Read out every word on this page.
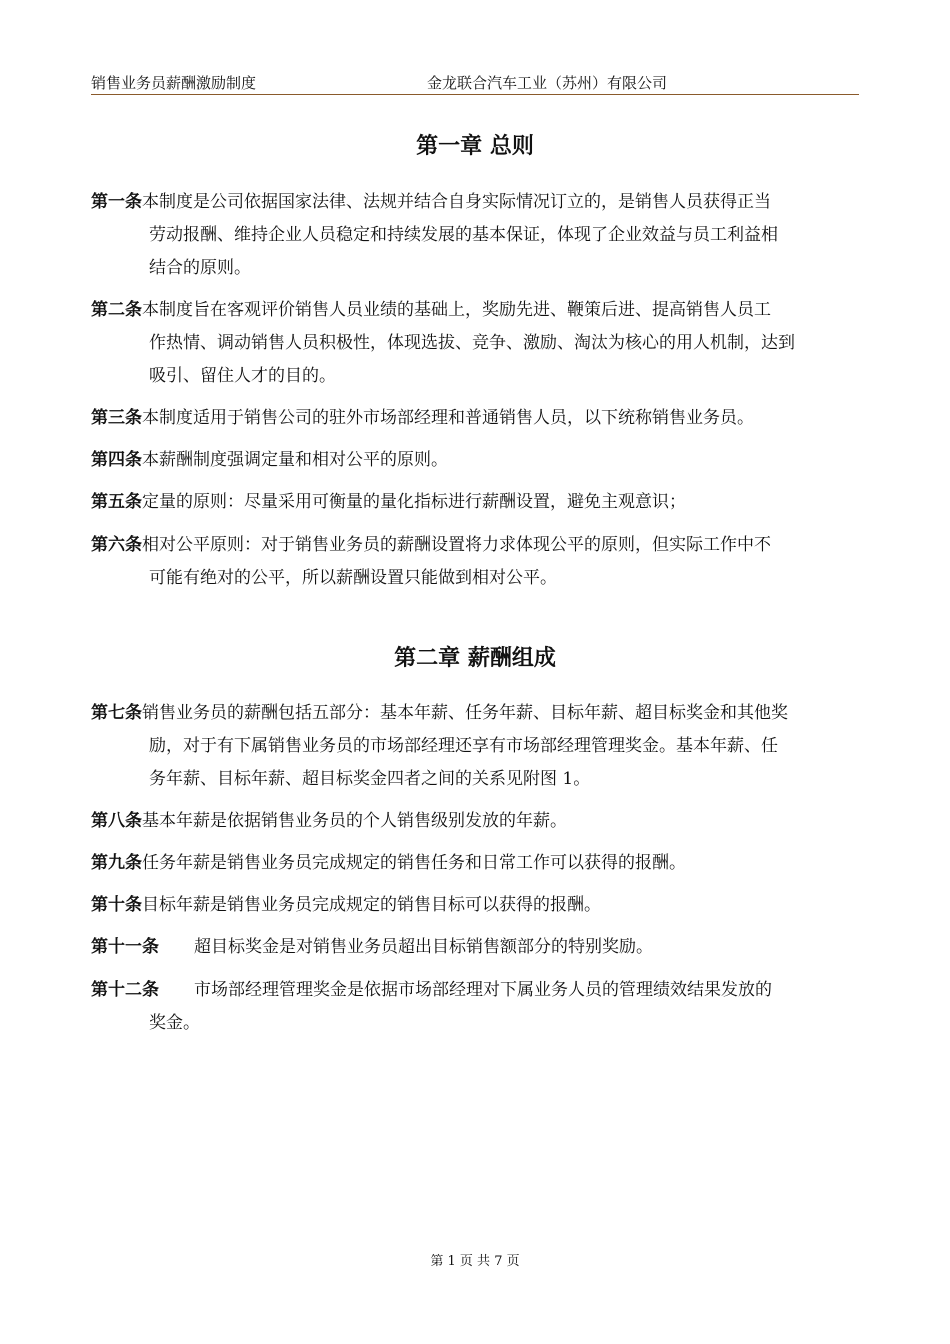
销售业务员薪酬激励制度	金龙联合汽车工业（苏州）有限公司
第一章 总则
第一条本制度是公司依据国家法律、法规并结合自身实际情况订立的，是销售人员获得正当
劳动报酬、维持企业人员稳定和持续发展的基本保证，体现了企业效益与员工利益相
结合的原则。
第二条本制度旨在客观评价销售人员业绩的基础上，奖励先进、鞭策后进、提高销售人员工
作热情、调动销售人员积极性，体现选拔、竞争、激励、淘汰为核心的用人机制，达到
吸引、留住人才的目的。
第三条本制度适用于销售公司的驻外市场部经理和普通销售人员，以下统称销售业务员。
第四条本薪酬制度强调定量和相对公平的原则。
第五条定量的原则：尽量采用可衡量的量化指标进行薪酬设置，避免主观意识；
第六条相对公平原则：对于销售业务员的薪酬设置将力求体现公平的原则，但实际工作中不
可能有绝对的公平，所以薪酬设置只能做到相对公平。
第二章 薪酬组成
第七条销售业务员的薪酬包括五部分：基本年薪、任务年薪、目标年薪、超目标奖金和其他奖
励，对于有下属销售业务员的市场部经理还享有市场部经理管理奖金。基本年薪、任
务年薪、目标年薪、超目标奖金四者之间的关系见附图 1。
第八条基本年薪是依据销售业务员的个人销售级别发放的年薪。
第九条任务年薪是销售业务员完成规定的销售任务和日常工作可以获得的报酬。
第十条目标年薪是销售业务员完成规定的销售目标可以获得的报酬。
第十一条 超目标奖金是对销售业务员超出目标销售额部分的特别奖励。
第十二条 市场部经理管理奖金是依据市场部经理对下属业务人员的管理绩效结果发放的
奖金。
第 1 页 共 7 页
